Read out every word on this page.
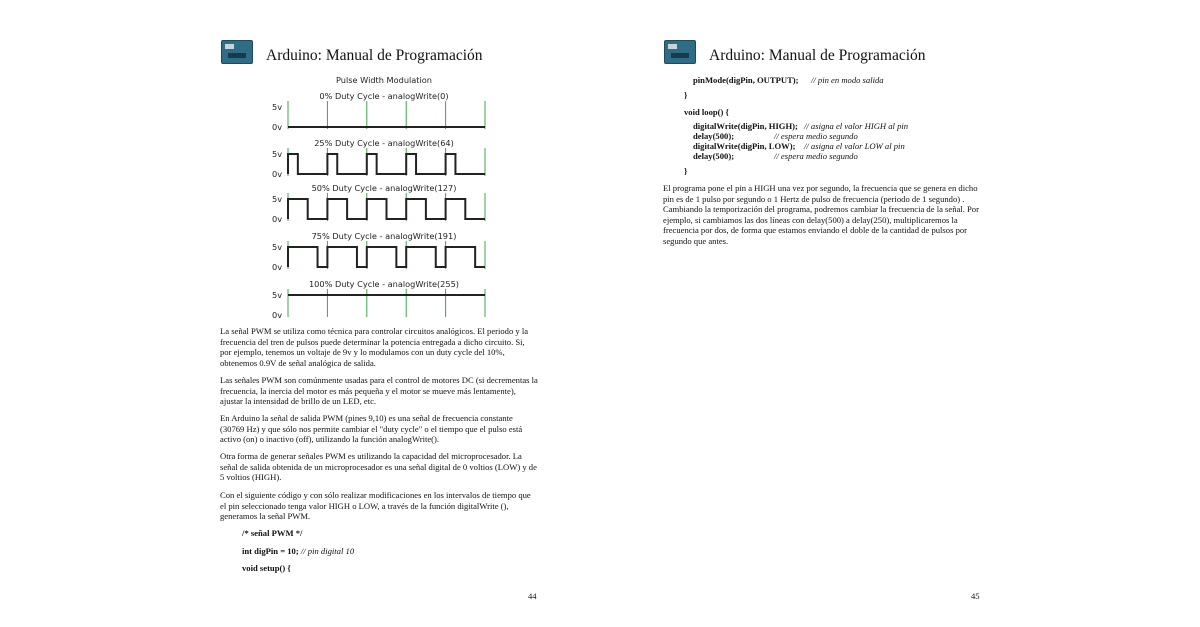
Arduino: Manual de Programación
Pulse Width Modulation
0% Duty Cycle - analogWrite(0)
5v
0v
25% Duty Cycle - analogWrite(64)
5v
0v
50% Duty Cycle - analogWrite(127)
5v
0v
75% Duty Cycle - analogWrite(191)
5v
0v
100% Duty Cycle - analogWrite(255)
5v
0v

La señal PWM se utiliza como técnica para controlar circuitos analógicos. El periodo y la frecuencia del tren de pulsos puede determinar la potencia entregada a dicho circuito. Si, por ejemplo, tenemos un voltaje de 9v y lo modulamos con un duty cycle del 10%, obtenemos 0.9V de señal analógica de salida.

Las señales PWM son comúnmente usadas para el control de motores DC (si decrementas la frecuencia, la inercia del motor es más pequeña y el motor se mueve más lentamente), ajustar la intensidad de brillo de un LED, etc.

En Arduino la señal de salida PWM (pines 9,10) es una señal de frecuencia constante (30769 Hz) y que sólo nos permite cambiar el "duty cycle" o el tiempo que el pulso está activo (on) o inactivo (off), utilizando la función analogWrite().

Otra forma de generar señales PWM es utilizando la capacidad del microprocesador. La señal de salida obtenida de un microprocesador es una señal digital de 0 voltios (LOW) y de 5 voltios (HIGH).

Con el siguiente código y con sólo realizar modificaciones en los intervalos de tiempo que el pin seleccionado tenga valor HIGH o LOW, a través de la función digitalWrite (), generamos la señal PWM.

/* señal PWM */
int digPin = 10; // pin digital 10
void setup() {
44
Arduino: Manual de Programación
pinMode(digPin, OUTPUT); // pin en modo salida
}
void loop() {
digitalWrite(digPin, HIGH); // asigna el valor HIGH al pin
delay(500);	// espera medio segundo
digitalWrite(digPin, LOW); // asigna el valor LOW al pin
delay(500);	// espera medio segundo
}

El programa pone el pin a HIGH una vez por segundo, la frecuencia que se genera en dicho pin es de 1 pulso por segundo o 1 Hertz de pulso de frecuencia (periodo de 1 segundo) . Cambiando la temporización del programa, podremos cambiar la frecuencia de la señal. Por ejemplo, si cambiamos las dos líneas con delay(500) a delay(250), multiplicaremos la frecuencia por dos, de forma que estamos enviando el doble de la cantidad de pulsos por segundo que antes.

45
